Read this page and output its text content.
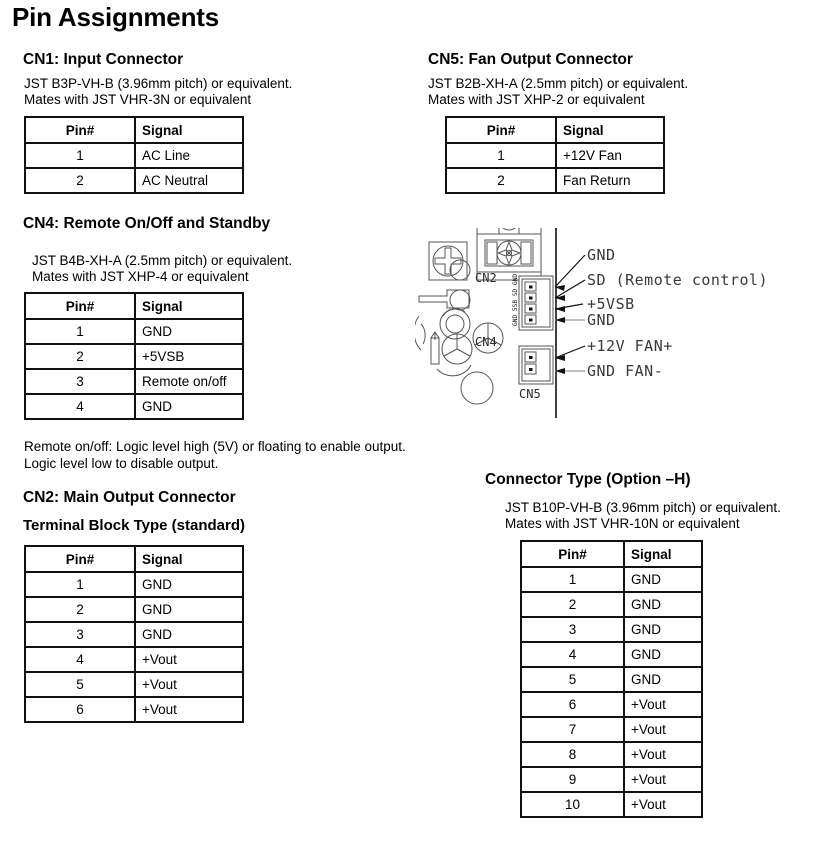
Pin Assignments
CN1: Input Connector
JST B3P-VH-B (3.96mm pitch) or equivalent.
Mates with JST VHR-3N or equivalent
Pin#	Signal
1	AC Line
2	AC Neutral
CN4: Remote On/Off and Standby
JST B4B-XH-A (2.5mm pitch) or equivalent.
Mates with JST XHP-4 or equivalent
Pin#	Signal
1	GND
2	+5VSB
3	Remote on/off
4	GND
Remote on/off: Logic level high (5V) or floating to enable output. Logic level low to disable output.
CN2: Main Output Connector
Terminal Block Type (standard)
Pin#	Signal
1	GND
2	GND
3	GND
4	+Vout
5	+Vout
6	+Vout
CN5: Fan Output Connector
JST B2B-XH-A (2.5mm pitch) or equivalent.
Mates with JST XHP-2 or equivalent
Pin#	Signal
1	+12V Fan
2	Fan Return
CN2
CN4
CN5
GND 5SB SD GND
GND
SD (Remote control)
+5VSB
GND
+12V FAN+
GND FAN-
Connector Type (Option –H)
JST B10P-VH-B (3.96mm pitch) or equivalent.
Mates with JST VHR-10N or equivalent
Pin#	Signal
1	GND
2	GND
3	GND
4	GND
5	GND
6	+Vout
7	+Vout
8	+Vout
9	+Vout
10	+Vout
